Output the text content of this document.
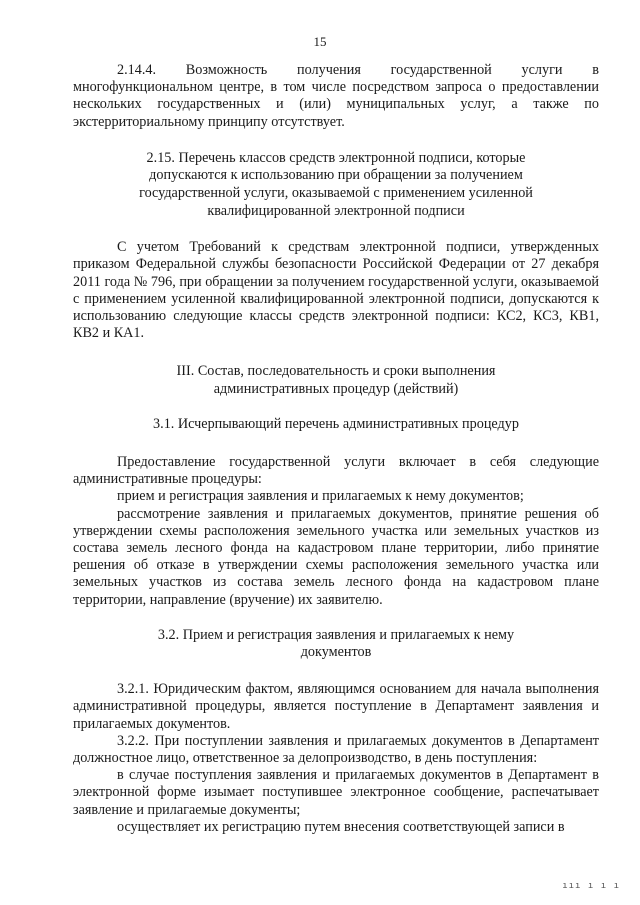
15

2.14.4. Возможность получения государственной услуги в многофункциональном центре, в том числе посредством запроса о предоставлении нескольких государственных и (или) муниципальных услуг, а также по экстерриториальному принципу отсутствует.

2.15. Перечень классов средств электронной подписи, которые допускаются к использованию при обращении за получением государственной услуги, оказываемой с применением усиленной квалифицированной электронной подписи

С учетом Требований к средствам электронной подписи, утвержденных приказом Федеральной службы безопасности Российской Федерации от 27 декабря 2011 года № 796, при обращении за получением государственной услуги, оказываемой с применением усиленной квалифицированной электронной подписи, допускаются к использованию следующие классы средств электронной подписи: КС2, КС3, КВ1, КВ2 и КА1.

III. Состав, последовательность и сроки выполнения административных процедур (действий)

3.1. Исчерпывающий перечень административных процедур

Предоставление государственной услуги включает в себя следующие административные процедуры:

прием и регистрация заявления и прилагаемых к нему документов;

рассмотрение заявления и прилагаемых документов, принятие решения об утверждении схемы расположения земельного участка или земельных участков из состава земель лесного фонда на кадастровом плане территории, либо принятие решения об отказе в утверждении схемы расположения земельного участка или земельных участков из состава земель лесного фонда на кадастровом плане территории, направление (вручение) их заявителю.

3.2. Прием и регистрация заявления и прилагаемых к нему документов

3.2.1. Юридическим фактом, являющимся основанием для начала выполнения административной процедуры, является поступление в Департамент заявления и прилагаемых документов.

3.2.2. При поступлении заявления и прилагаемых документов в Департамент должностное лицо, ответственное за делопроизводство, в день поступления:

в случае поступления заявления и прилагаемых документов в Департамент в электронной форме изымает поступившее электронное сообщение, распечатывает заявление и прилагаемые документы;

осуществляет их регистрацию путем внесения соответствующей записи в

ııı ı ı ı
